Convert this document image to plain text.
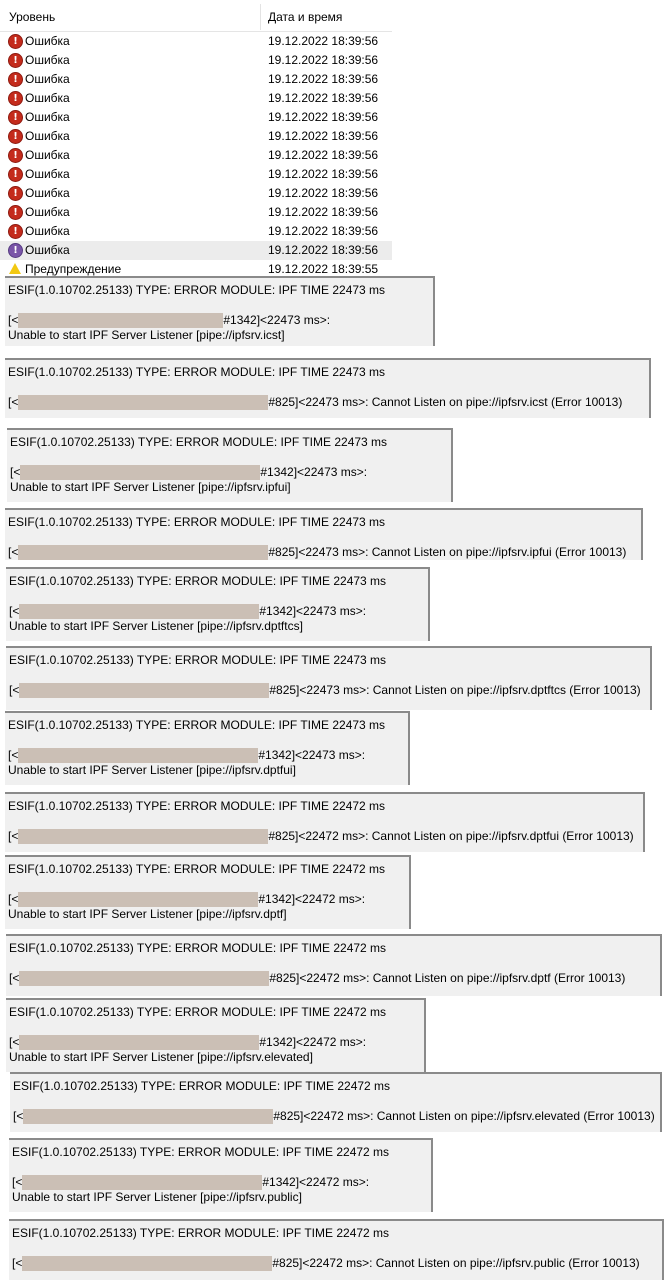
Уровень	Дата и время
! Ошибка	19.12.2022 18:39:56
! Ошибка	19.12.2022 18:39:56
! Ошибка	19.12.2022 18:39:56
! Ошибка	19.12.2022 18:39:56
! Ошибка	19.12.2022 18:39:56
! Ошибка	19.12.2022 18:39:56
! Ошибка	19.12.2022 18:39:56
! Ошибка	19.12.2022 18:39:56
! Ошибка	19.12.2022 18:39:56
! Ошибка	19.12.2022 18:39:56
! Ошибка	19.12.2022 18:39:56
! Ошибка	19.12.2022 18:39:56
Предупреждение	19.12.2022 18:39:55
ESIF(1.0.10702.25133) TYPE: ERROR MODULE: IPF TIME 22473 ms
[<	#1342]<22473 ms>:
Unable to start IPF Server Listener [pipe://ipfsrv.icst]
ESIF(1.0.10702.25133) TYPE: ERROR MODULE: IPF TIME 22473 ms
[<	#825]<22473 ms>: Cannot Listen on pipe://ipfsrv.icst (Error 10013)
ESIF(1.0.10702.25133) TYPE: ERROR MODULE: IPF TIME 22473 ms
[<	#1342]<22473 ms>:
Unable to start IPF Server Listener [pipe://ipfsrv.ipfui]
ESIF(1.0.10702.25133) TYPE: ERROR MODULE: IPF TIME 22473 ms
[<	#825]<22473 ms>: Cannot Listen on pipe://ipfsrv.ipfui (Error 10013)
ESIF(1.0.10702.25133) TYPE: ERROR MODULE: IPF TIME 22473 ms
[<	#1342]<22473 ms>:
Unable to start IPF Server Listener [pipe://ipfsrv.dptftcs]
ESIF(1.0.10702.25133) TYPE: ERROR MODULE: IPF TIME 22473 ms
[<	#825]<22473 ms>: Cannot Listen on pipe://ipfsrv.dptftcs (Error 10013)
ESIF(1.0.10702.25133) TYPE: ERROR MODULE: IPF TIME 22473 ms
[<	#1342]<22473 ms>:
Unable to start IPF Server Listener [pipe://ipfsrv.dptfui]
ESIF(1.0.10702.25133) TYPE: ERROR MODULE: IPF TIME 22472 ms
[<	#825]<22472 ms>: Cannot Listen on pipe://ipfsrv.dptfui (Error 10013)
ESIF(1.0.10702.25133) TYPE: ERROR MODULE: IPF TIME 22472 ms
[<	#1342]<22472 ms>:
Unable to start IPF Server Listener [pipe://ipfsrv.dptf]
ESIF(1.0.10702.25133) TYPE: ERROR MODULE: IPF TIME 22472 ms
[<	#825]<22472 ms>: Cannot Listen on pipe://ipfsrv.dptf (Error 10013)
ESIF(1.0.10702.25133) TYPE: ERROR MODULE: IPF TIME 22472 ms
[<	#1342]<22472 ms>:
Unable to start IPF Server Listener [pipe://ipfsrv.elevated]
ESIF(1.0.10702.25133) TYPE: ERROR MODULE: IPF TIME 22472 ms
[<	#825]<22472 ms>: Cannot Listen on pipe://ipfsrv.elevated (Error 10013)
ESIF(1.0.10702.25133) TYPE: ERROR MODULE: IPF TIME 22472 ms
[<	#1342]<22472 ms>:
Unable to start IPF Server Listener [pipe://ipfsrv.public]
ESIF(1.0.10702.25133) TYPE: ERROR MODULE: IPF TIME 22472 ms
[<	#825]<22472 ms>: Cannot Listen on pipe://ipfsrv.public (Error 10013)
